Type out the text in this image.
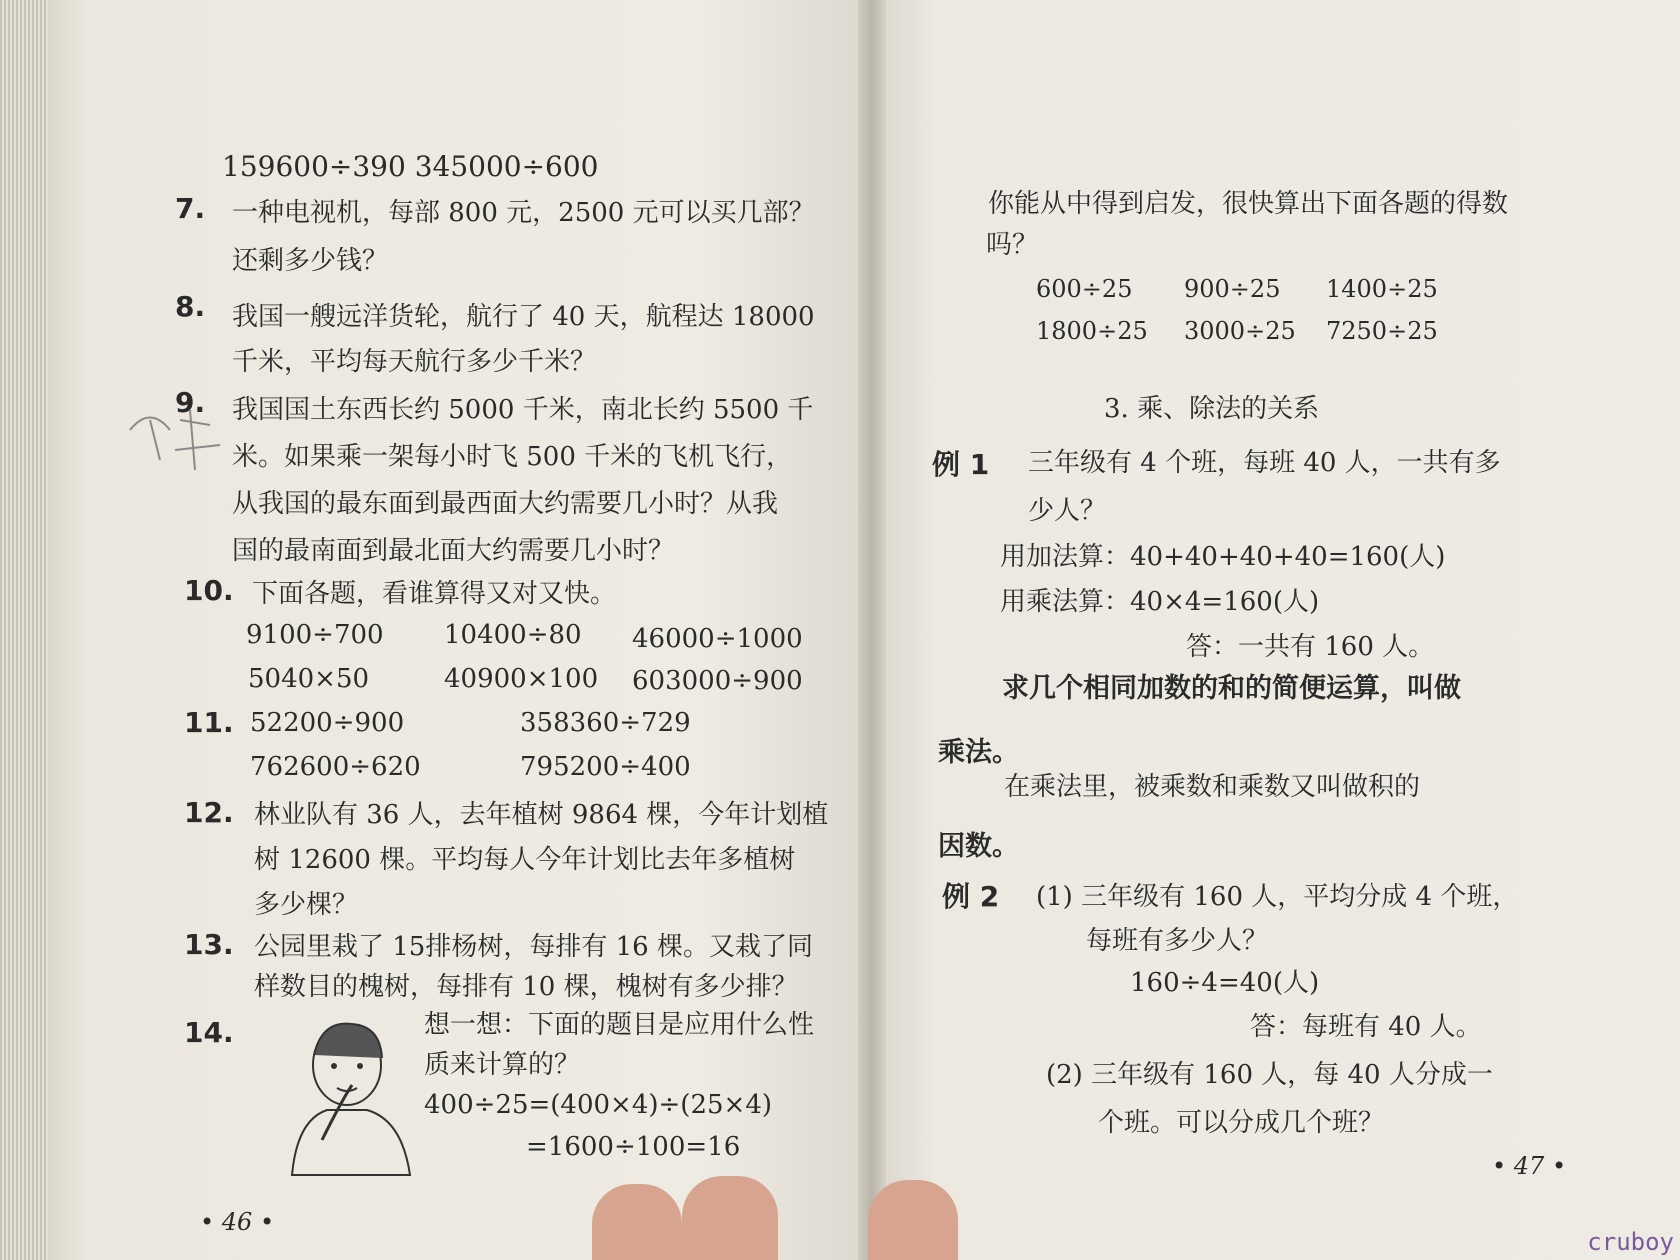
159600÷390 345000÷600
7. 一种电视机，每部 800 元，2500 元可以买几部？
还剩多少钱？
8. 我国一艘远洋货轮，航行了 40 天，航程达 18000
千米，平均每天航行多少千米？
9. 我国国土东西长约 5000 千米，南北长约 5500 千
米。如果乘一架每小时飞 500 千米的飞机飞行，
从我国的最东面到最西面大约需要几小时？从我
国的最南面到最北面大约需要几小时？
10. 下面各题，看谁算得又对又快。
9100÷700 10400÷80 46000÷1000
5040×50	40900×100 603000÷900
11. 52200÷900	358360÷729
762600÷620	795200÷400
12. 林业队有 36 人，去年植树 9864 棵，今年计划植
树 12600 棵。平均每人今年计划比去年多植树
多少棵？
13. 公园里栽了 15排杨树，每排有 16 棵。又栽了同
样数目的槐树，每排有 10 棵，槐树有多少排？
14.	想一想：下面的题目是应用什么性
质来计算的？
400÷25=(400×4)÷(25×4)
=1600÷100=16
• 46 •
你能从中得到启发，很快算出下面各题的得数
吗？
600÷25 900÷25 1400÷25
1800÷25 3000÷25 7250÷25
3. 乘、除法的关系
例 1 三年级有 4 个班，每班 40 人，一共有多
少人？
用加法算：40+40+40+40=160(人)
用乘法算：40×4=160(人)
答：一共有 160 人。
求几个相同加数的和的简便运算，叫做
乘法。
在乘法里，被乘数和乘数又叫做积的
因数。
例 2 (1) 三年级有 160 人，平均分成 4 个班，
每班有多少人？
160÷4=40(人)
答：每班有 40 人。
(2) 三年级有 160 人，每 40 人分成一
个班。可以分成几个班？
• 47 •
cruboy
